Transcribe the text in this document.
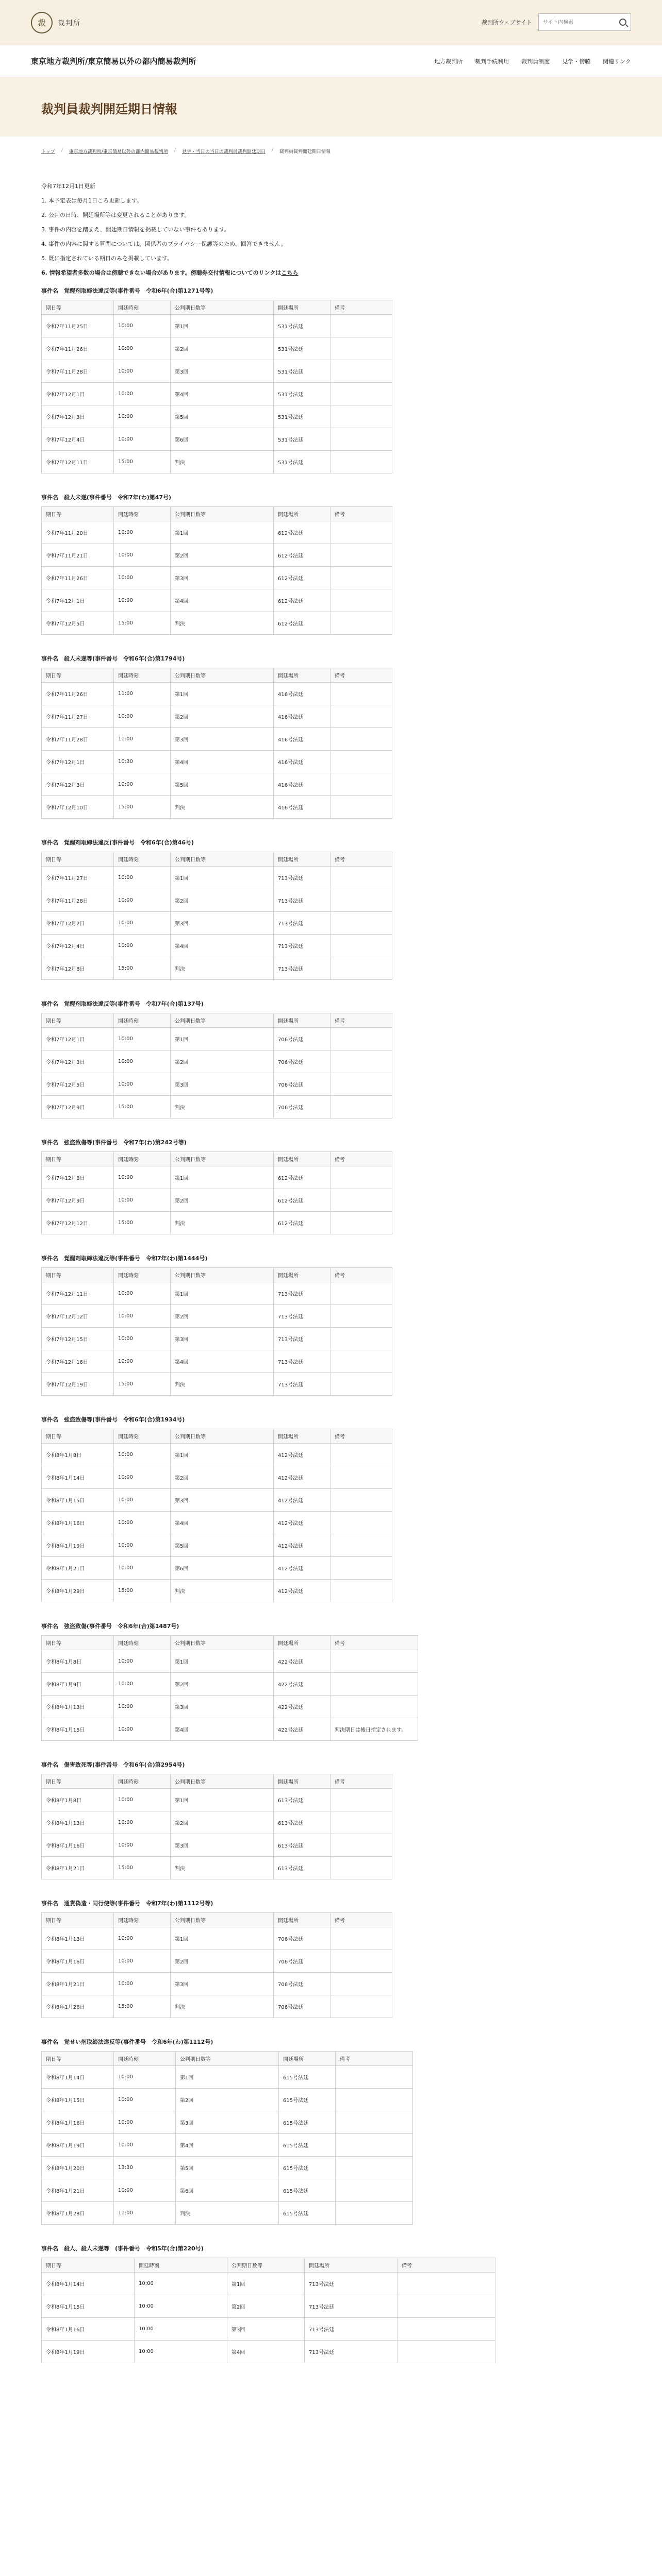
裁	裁判所	裁判所ウェブサイト
サイト内検索
東京地方裁判所/東京簡易以外の都内簡易裁判所	地方裁判所 裁判手続利用 裁判員制度 見学・傍聴 関連リンク
裁判員裁判開廷期日情報
トップ / 東京地方裁判所/東京簡易以外の都内簡易裁判所 / 見学・当日の当日の裁判員裁判開廷期日 / 裁判員裁判開廷期日情報
令和7年12月1日更新
1. 本予定表は毎月1日ころ更新します。
2. 公判の日時、開廷場所等は変更されることがあります。
3. 事件の内容を踏まえ、開廷期日情報を掲載していない事件もあります。
4. 事件の内容に関する質問については、関係者のプライバシー保護等のため、回答できません。
5. 既に指定されている期日のみを掲載しています。
6. 情報希望者多数の場合は傍聴できない場合があります。傍聴券交付情報についてのリンクはこちら
事件名　覚醒剤取締法違反等(事件番号　令和6年(合)第1271号等)
期日等	開廷時刻	公判期日数等	開廷場所	備考
令和7年11月25日	10:00	第1回	531号法廷	
令和7年11月26日	10:00	第2回	531号法廷	
令和7年11月28日	10:00	第3回	531号法廷	
令和7年12月1日	10:00	第4回	531号法廷	
令和7年12月3日	10:00	第5回	531号法廷	
令和7年12月4日	10:00	第6回	531号法廷	
令和7年12月11日	15:00	判決	531号法廷	
事件名　殺人未遂(事件番号　令和7年(わ)第47号)
期日等	開廷時刻	公判期日数等	開廷場所	備考
令和7年11月20日	10:00	第1回	612号法廷	
令和7年11月21日	10:00	第2回	612号法廷	
令和7年11月26日	10:00	第3回	612号法廷	
令和7年12月1日	10:00	第4回	612号法廷	
令和7年12月5日	15:00	判決	612号法廷	
事件名　殺人未遂等(事件番号　令和6年(合)第1794号)
期日等	開廷時刻	公判期日数等	開廷場所	備考
令和7年11月26日	11:00	第1回	416号法廷	
令和7年11月27日	10:00	第2回	416号法廷	
令和7年11月28日	11:00	第3回	416号法廷	
令和7年12月1日	10:30	第4回	416号法廷	
令和7年12月3日	10:00	第5回	416号法廷	
令和7年12月10日	15:00	判決	416号法廷	
事件名　覚醒剤取締法違反(事件番号　令和6年(合)第46号)
期日等	開廷時刻	公判期日数等	開廷場所	備考
令和7年11月27日	10:00	第1回	713号法廷	
令和7年11月28日	10:00	第2回	713号法廷	
令和7年12月2日	10:00	第3回	713号法廷	
令和7年12月4日	10:00	第4回	713号法廷	
令和7年12月8日	15:00	判決	713号法廷	
事件名　覚醒剤取締法違反等(事件番号　令和7年(合)第137号)
期日等	開廷時刻	公判期日数等	開廷場所	備考
令和7年12月1日	10:00	第1回	706号法廷	
令和7年12月3日	10:00	第2回	706号法廷	
令和7年12月5日	10:00	第3回	706号法廷	
令和7年12月9日	15:00	判決	706号法廷	
事件名　強盗致傷等(事件番号　令和7年(わ)第242号等)
期日等	開廷時刻	公判期日数等	開廷場所	備考
令和7年12月8日	10:00	第1回	612号法廷	
令和7年12月9日	10:00	第2回	612号法廷	
令和7年12月12日	15:00	判決	612号法廷	
事件名　覚醒剤取締法違反等(事件番号　令和7年(わ)第1444号)
期日等	開廷時刻	公判期日数等	開廷場所	備考
令和7年12月11日	10:00	第1回	713号法廷	
令和7年12月12日	10:00	第2回	713号法廷	
令和7年12月15日	10:00	第3回	713号法廷	
令和7年12月16日	10:00	第4回	713号法廷	
令和7年12月19日	15:00	判決	713号法廷	
事件名　強盗致傷等(事件番号　令和6年(合)第1934号)
期日等	開廷時刻	公判期日数等	開廷場所	備考
令和8年1月8日	10:00	第1回	412号法廷	
令和8年1月14日	10:00	第2回	412号法廷	
令和8年1月15日	10:00	第3回	412号法廷	
令和8年1月16日	10:00	第4回	412号法廷	
令和8年1月19日	10:00	第5回	412号法廷	
令和8年1月21日	10:00	第6回	412号法廷	
令和8年1月29日	15:00	判決	412号法廷	
事件名　強盗致傷(事件番号　令和6年(合)第1487号)
期日等	開廷時刻	公判期日数等	開廷場所	備考
令和8年1月8日	10:00	第1回	422号法廷	
令和8年1月9日	10:00	第2回	422号法廷	
令和8年1月13日	10:00	第3回	422号法廷	
令和8年1月15日	10:00	第4回	422号法廷	判決期日は後日指定されます。
事件名　傷害致死等(事件番号　令和6年(合)第2954号)
期日等	開廷時刻	公判期日数等	開廷場所	備考
令和8年1月8日	10:00	第1回	613号法廷	
令和8年1月13日	10:00	第2回	613号法廷	
令和8年1月16日	10:00	第3回	613号法廷	
令和8年1月21日	15:00	判決	613号法廷	
事件名　通貨偽造・同行使等(事件番号　令和7年(わ)第1112号等)
期日等	開廷時刻	公判期日数等	開廷場所	備考
令和8年1月13日	10:00	第1回	706号法廷	
令和8年1月16日	10:00	第2回	706号法廷	
令和8年1月21日	10:00	第3回	706号法廷	
令和8年1月26日	15:00	判決	706号法廷	
事件名　覚せい剤取締法違反等(事件番号　令和6年(わ)第1112号)
期日等	開廷時刻	公判期日数等	開廷場所	備考
令和8年1月14日	10:00	第1回	615号法廷	
令和8年1月15日	10:00	第2回	615号法廷	
令和8年1月16日	10:00	第3回	615号法廷	
令和8年1月19日	10:00	第4回	615号法廷	
令和8年1月20日	13:30	第5回	615号法廷	
令和8年1月21日	10:00	第6回	615号法廷	
令和8年1月28日	11:00	判決	615号法廷	
事件名　殺人、殺人未遂等　(事件番号　令和5年(合)第220号)
期日等	開廷時刻	公判期日数等	開廷場所	備考
令和8年1月14日	10:00	第1回	713号法廷	
令和8年1月15日	10:00	第2回	713号法廷	
令和8年1月16日	10:00	第3回	713号法廷	
令和8年1月19日	10:00	第4回	713号法廷	
